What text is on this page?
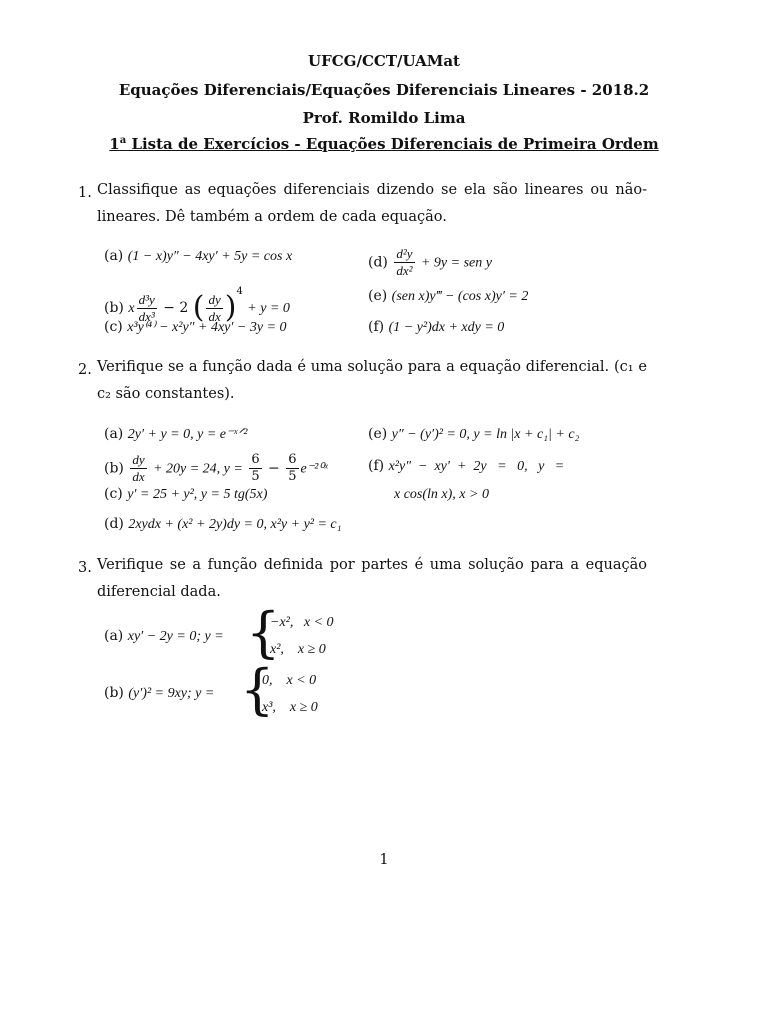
UFCG/CCT/UAMat
Equações Diferenciais/Equações Diferenciais Lineares - 2018.2
Prof. Romildo Lima
1$^a$ Lista de Exercícios - Equações Diferenciais de Primeira Ordem
1. Classifique as equações diferenciais dizendo se ela são lineares ou não-lineares. Dê também a ordem de cada equação.
(a) (1 − x)y″ − 4xy′ + 5y = cos x
(b) x $\frac{\text{d³y}}{\text{dx³}} - 2$ ( $\frac{dy}{dx} )^4 + y = 0$
(c) x³y⁽⁴⁾ − x²y″ + 4xy′ − 3y = 0
$(d) \frac{\text{d²y}}{\text{dx²}} + 9y$ = sen y
(e) (sen x)y‴ − (cos x)y′ = 2
(f) (1 − y²)dx + xdy = 0
2. Verifique se a função dada é uma solução para a equação diferencial. (c₁ e c₂ são constantes).
(a) 2y′ + y = 0, y = e⁻ˣᐟ²
$(b) \frac{dy}{dx} + 20y = 24$, $y = \frac{6}{5} - \frac{6}{5}$ e⁻²⁰ˣ
(c) y′ = 25 + y², y = 5 tg(5x)
(d) 2xydx + (x² + 2y)dy = 0, x²y + y² = c₁
(e) y″ − (y′)² = 0, y = ln |x + c₁| + c₂
(f) x²y″  −  xy′  +  2y   =   0,   y   =
x cos(ln x), x > 0
3. Verifique se a função definida por partes é uma solução para a equação diferencial dada.
(a) xy′ − 2y = 0; y = {
−x²,   x < 0
x²,    x ≥ 0
(b) (y′)² = 9xy; y = {
0,    x < 0
x³,    x ≥ 0
1
